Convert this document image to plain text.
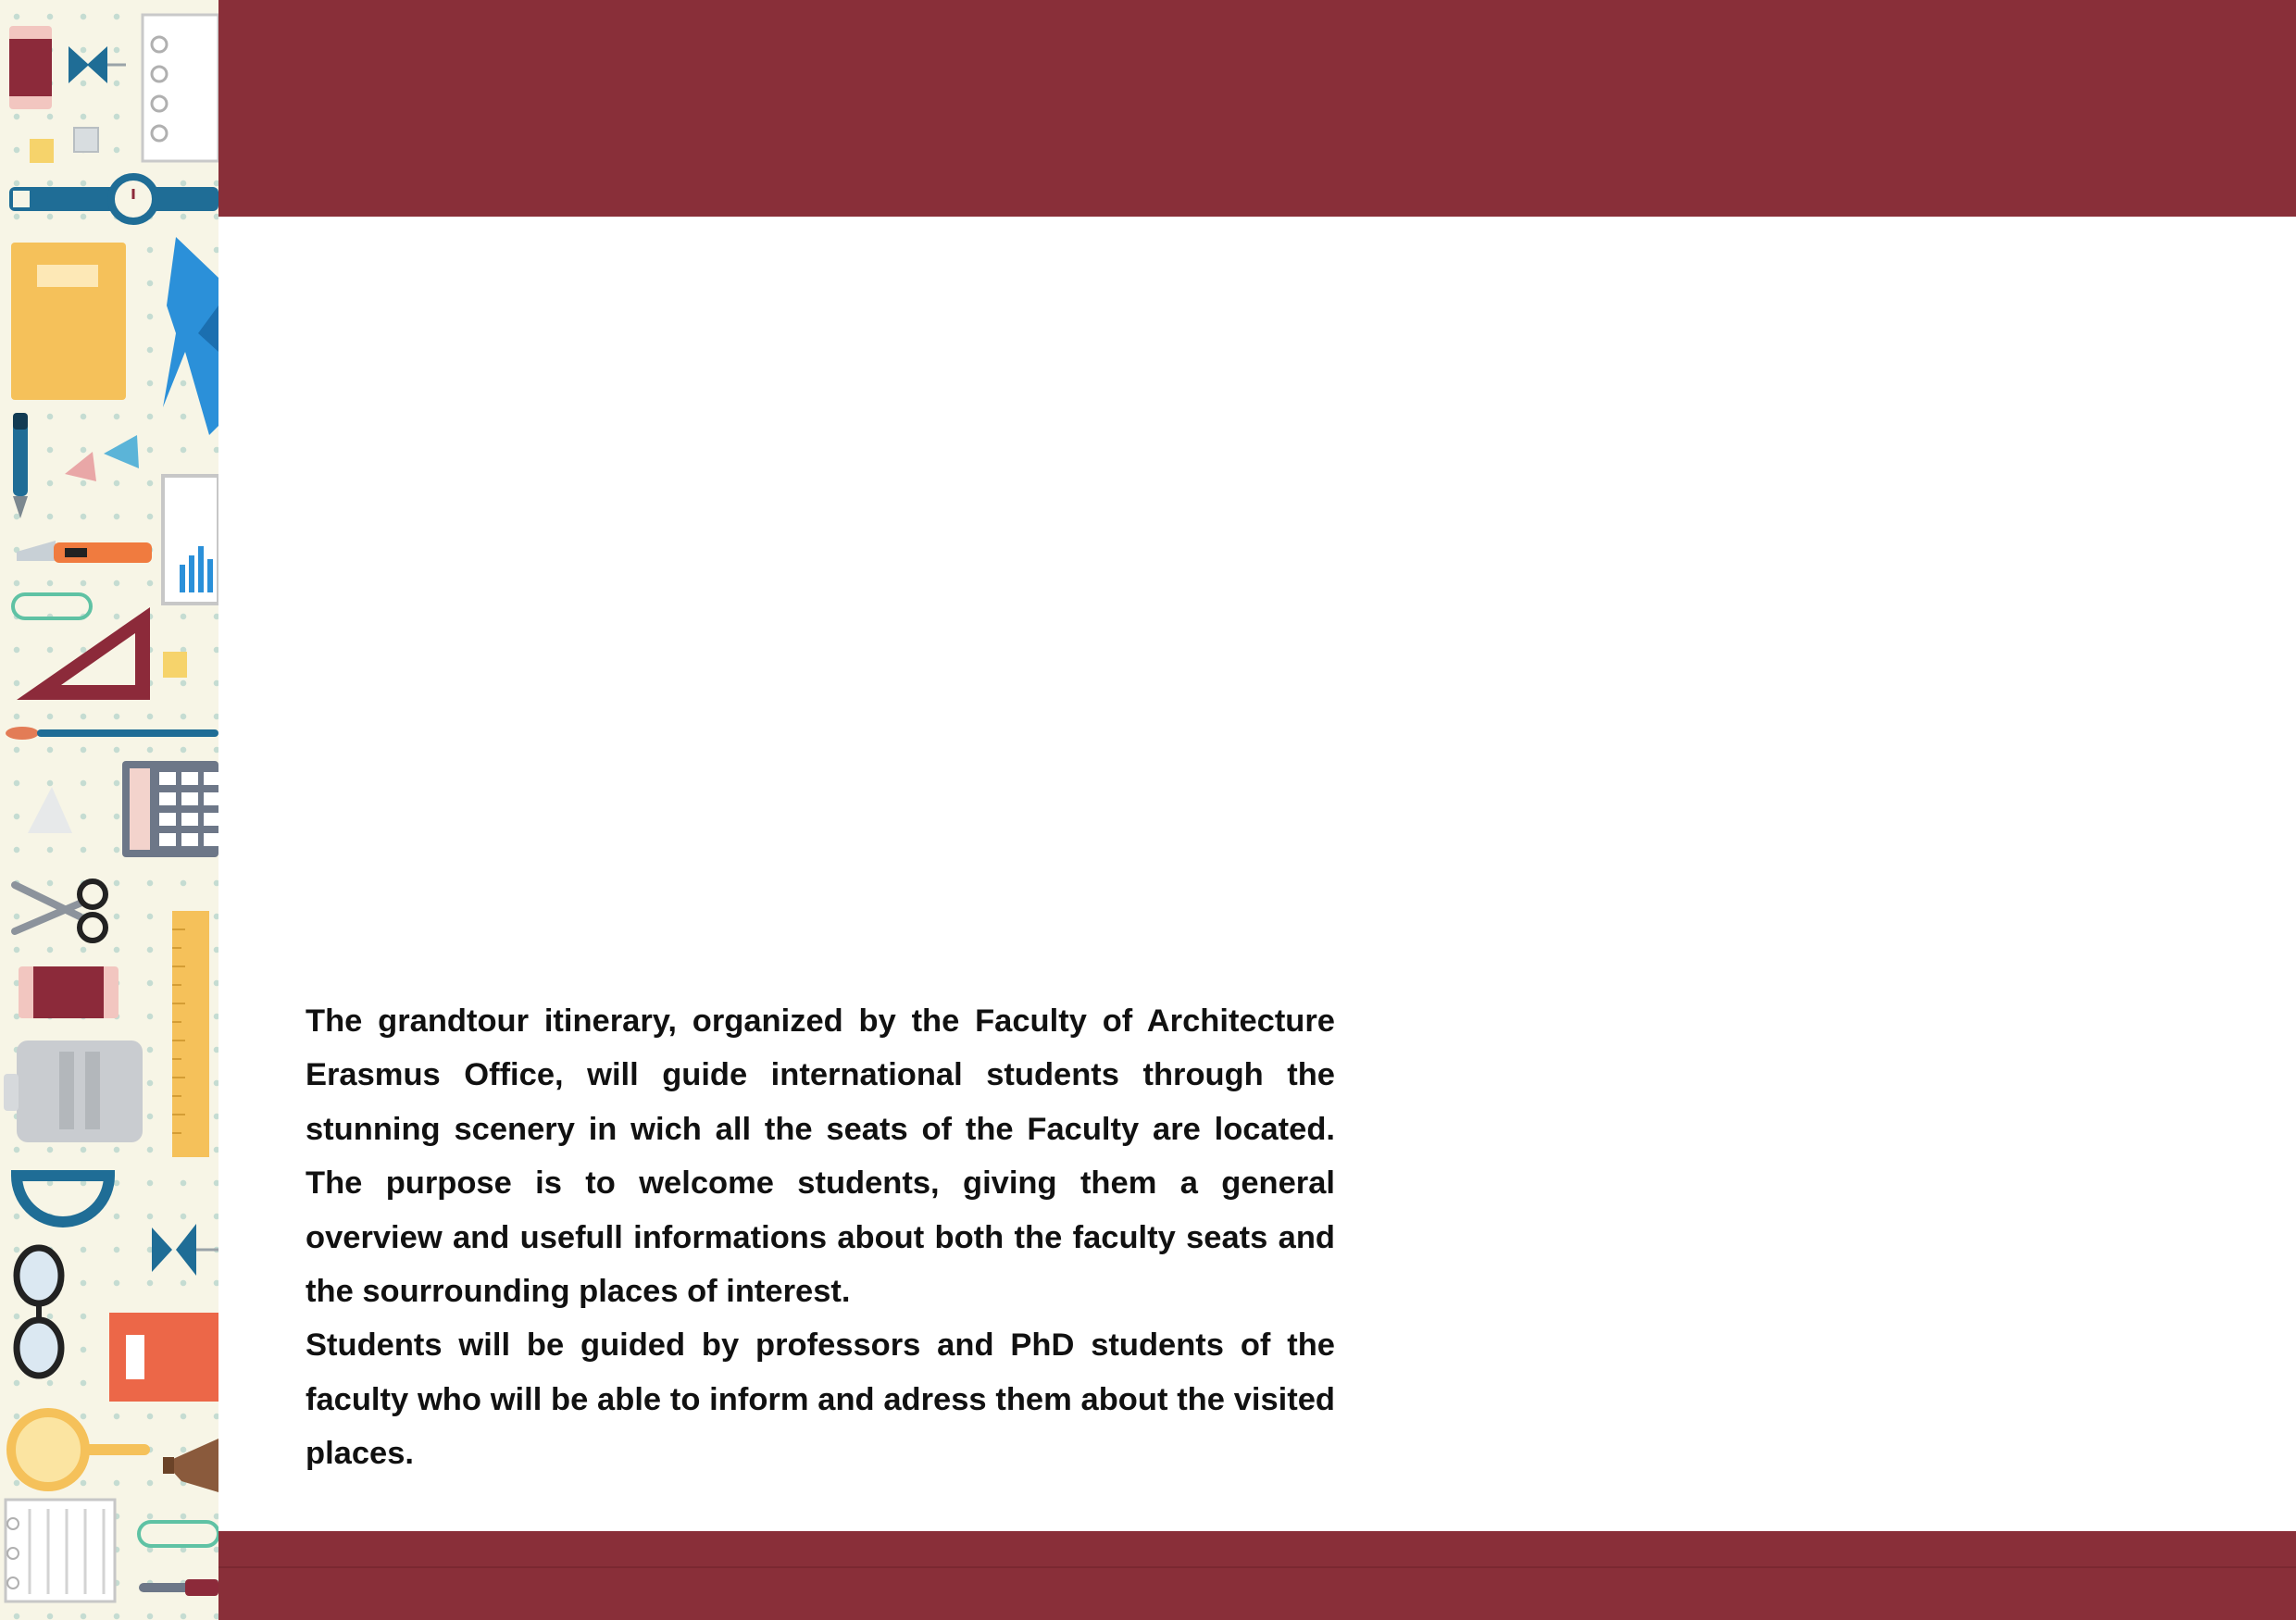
The grandtour itinerary, organized by the Faculty of Architecture Erasmus Office, will guide international students through the stunning scenery in wich all the seats of the Faculty are located. The purpose is to welcome students, giving them a general overview and usefull informations about both the faculty seats and the sourrounding places of interest.

Students will be guided by professors and PhD students of the faculty who will be able to inform and adress them about the visited places.
